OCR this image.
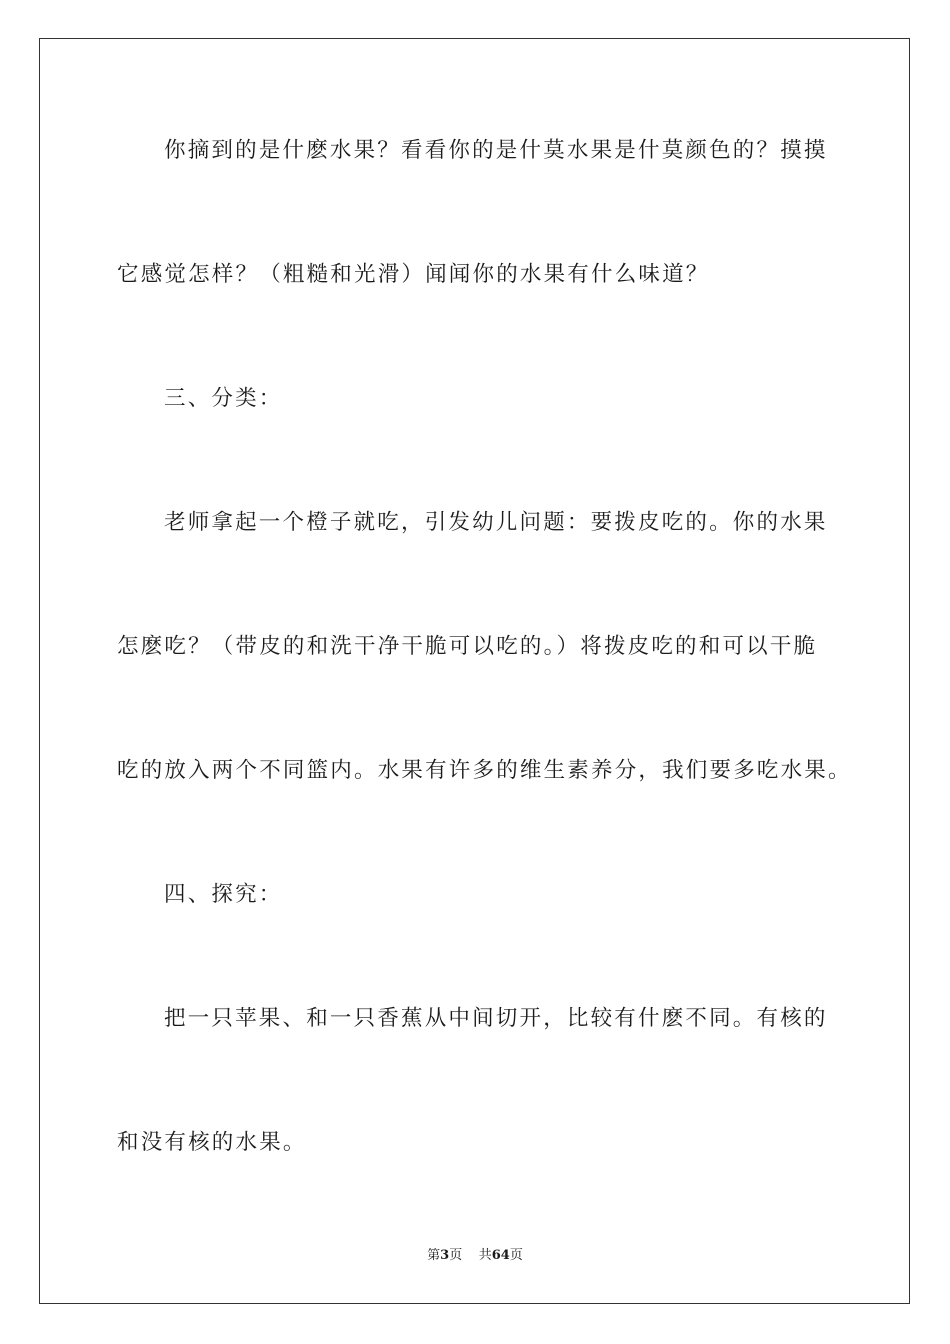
你摘到的是什麽水果？看看你的是什莫水果是什莫颜色的？摸摸
它感觉怎样？（粗糙和光滑）闻闻你的水果有什么味道？
三、分类：
老师拿起一个橙子就吃，引发幼儿问题：要拨皮吃的。你的水果
怎麽吃？（带皮的和洗干净干脆可以吃的。）将拨皮吃的和可以干脆
吃的放入两个不同篮内。水果有许多的维生素养分，我们要多吃水果。
四、探究：
把一只苹果、和一只香蕉从中间切开，比较有什麽不同。有核的
和没有核的水果。
第3页 共64页
